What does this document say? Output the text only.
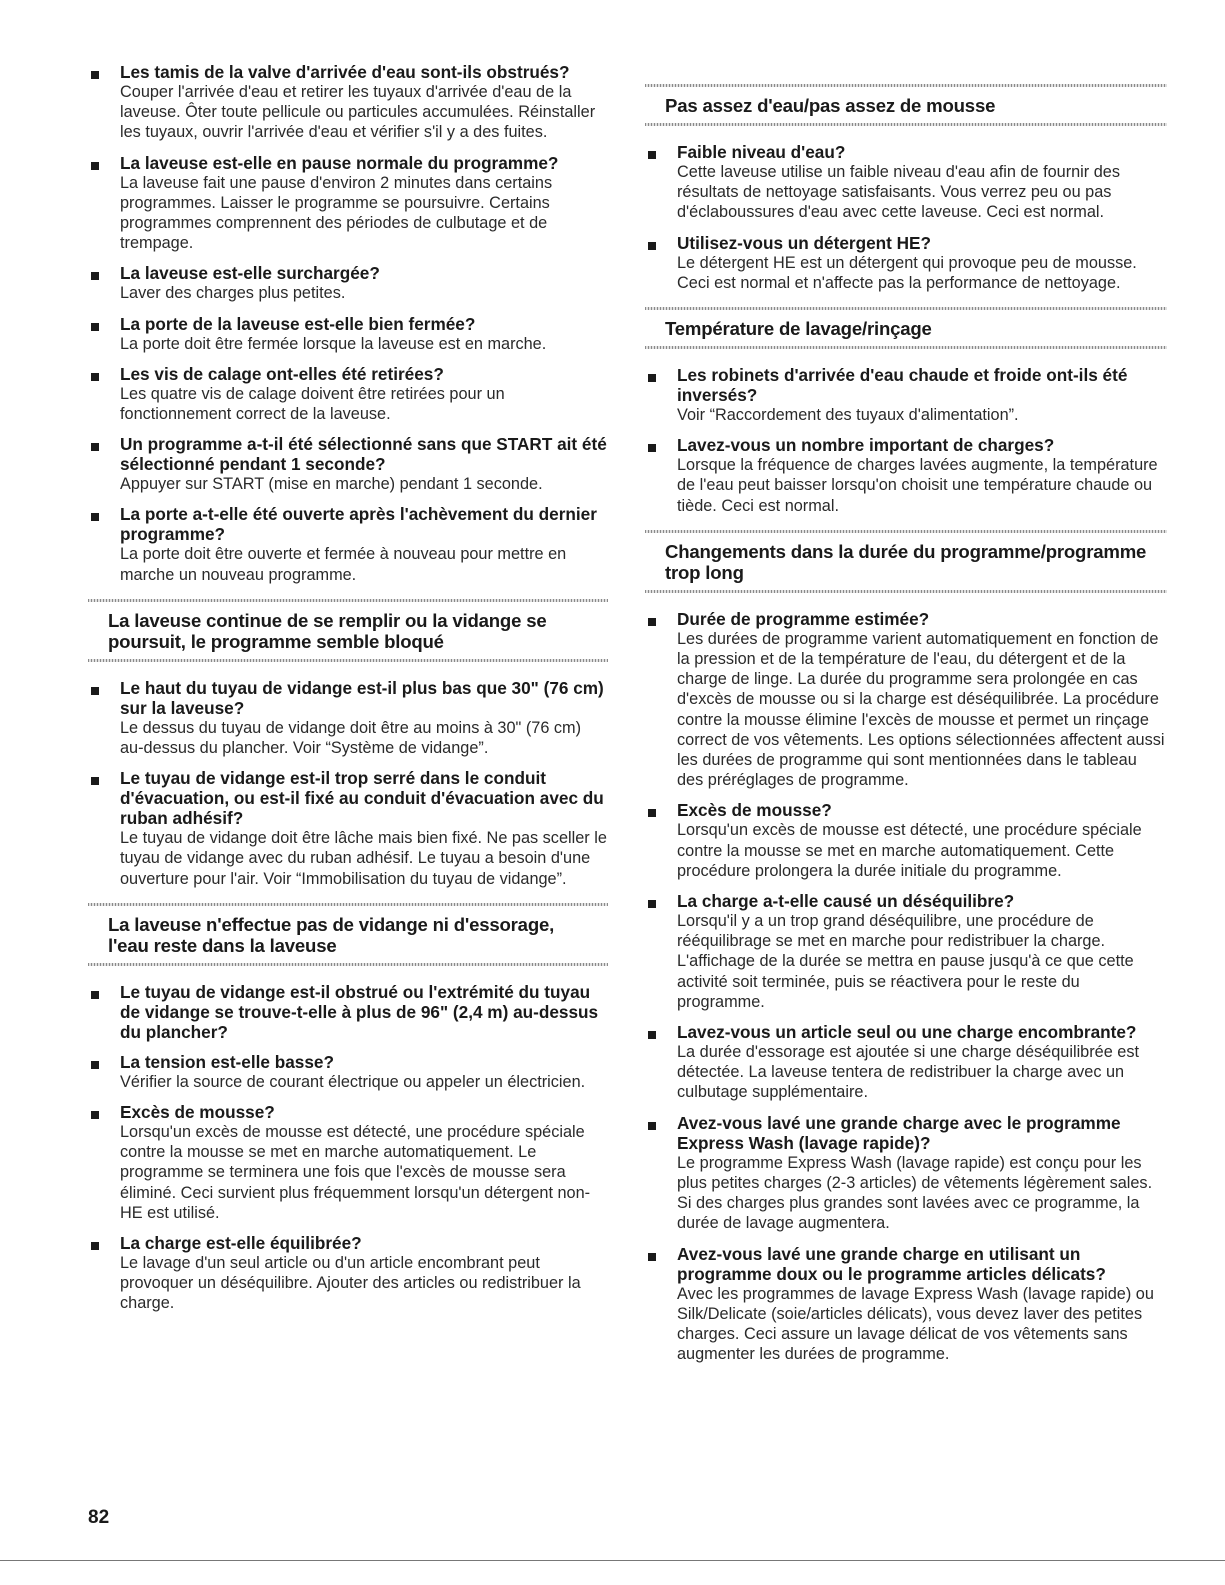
Les tamis de la valve d'arrivée d'eau sont-ils obstrués?
Couper l'arrivée d'eau et retirer les tuyaux d'arrivée d'eau de la laveuse. Ôter toute pellicule ou particules accumulées. Réinstaller les tuyaux, ouvrir l'arrivée d'eau et vérifier s'il y a des fuites.
La laveuse est-elle en pause normale du programme?
La laveuse fait une pause d'environ 2 minutes dans certains programmes. Laisser le programme se poursuivre. Certains programmes comprennent des périodes de culbutage et de trempage.
La laveuse est-elle surchargée?
Laver des charges plus petites.
La porte de la laveuse est-elle bien fermée?
La porte doit être fermée lorsque la laveuse est en marche.
Les vis de calage ont-elles été retirées?
Les quatre vis de calage doivent être retirées pour un fonctionnement correct de la laveuse.
Un programme a-t-il été sélectionné sans que START ait été sélectionné pendant 1 seconde?
Appuyer sur START (mise en marche) pendant 1 seconde.
La porte a-t-elle été ouverte après l'achèvement du dernier programme?
La porte doit être ouverte et fermée à nouveau pour mettre en marche un nouveau programme.
La laveuse continue de se remplir ou la vidange se poursuit, le programme semble bloqué
Le haut du tuyau de vidange est-il plus bas que 30" (76 cm) sur la laveuse?
Le dessus du tuyau de vidange doit être au moins à 30" (76 cm) au-dessus du plancher. Voir “Système de vidange”.
Le tuyau de vidange est-il trop serré dans le conduit d'évacuation, ou est-il fixé au conduit d'évacuation avec du ruban adhésif?
Le tuyau de vidange doit être lâche mais bien fixé. Ne pas sceller le tuyau de vidange avec du ruban adhésif. Le tuyau a besoin d'une ouverture pour l'air. Voir “Immobilisation du tuyau de vidange”.
La laveuse n'effectue pas de vidange ni d'essorage, l'eau reste dans la laveuse
Le tuyau de vidange est-il obstrué ou l'extrémité du tuyau de vidange se trouve-t-elle à plus de 96" (2,4 m) au-dessus du plancher?
La tension est-elle basse?
Vérifier la source de courant électrique ou appeler un électricien.
Excès de mousse?
Lorsqu'un excès de mousse est détecté, une procédure spéciale contre la mousse se met en marche automatiquement. Le programme se terminera une fois que l'excès de mousse sera éliminé. Ceci survient plus fréquemment lorsqu'un détergent non-HE est utilisé.
La charge est-elle équilibrée?
Le lavage d'un seul article ou d'un article encombrant peut provoquer un déséquilibre. Ajouter des articles ou redistribuer la charge.
Pas assez d'eau/pas assez de mousse
Faible niveau d'eau?
Cette laveuse utilise un faible niveau d'eau afin de fournir des résultats de nettoyage satisfaisants. Vous verrez peu ou pas d'éclaboussures d'eau avec cette laveuse. Ceci est normal.
Utilisez-vous un détergent HE?
Le détergent HE est un détergent qui provoque peu de mousse. Ceci est normal et n'affecte pas la performance de nettoyage.
Température de lavage/rinçage
Les robinets d'arrivée d'eau chaude et froide ont-ils été inversés?
Voir “Raccordement des tuyaux d'alimentation”.
Lavez-vous un nombre important de charges?
Lorsque la fréquence de charges lavées augmente, la température de l'eau peut baisser lorsqu'on choisit une température chaude ou tiède. Ceci est normal.
Changements dans la durée du programme/programme trop long
Durée de programme estimée?
Les durées de programme varient automatiquement en fonction de la pression et de la température de l'eau, du détergent et de la charge de linge. La durée du programme sera prolongée en cas d'excès de mousse ou si la charge est déséquilibrée. La procédure contre la mousse élimine l'excès de mousse et permet un rinçage correct de vos vêtements. Les options sélectionnées affectent aussi les durées de programme qui sont mentionnées dans le tableau des préréglages de programme.
Excès de mousse?
Lorsqu'un excès de mousse est détecté, une procédure spéciale contre la mousse se met en marche automatiquement. Cette procédure prolongera la durée initiale du programme.
La charge a-t-elle causé un déséquilibre?
Lorsqu'il y a un trop grand déséquilibre, une procédure de rééquilibrage se met en marche pour redistribuer la charge. L'affichage de la durée se mettra en pause jusqu'à ce que cette activité soit terminée, puis se réactivera pour le reste du programme.
Lavez-vous un article seul ou une charge encombrante?
La durée d'essorage est ajoutée si une charge déséquilibrée est détectée. La laveuse tentera de redistribuer la charge avec un culbutage supplémentaire.
Avez-vous lavé une grande charge avec le programme Express Wash (lavage rapide)?
Le programme Express Wash (lavage rapide) est conçu pour les plus petites charges (2-3 articles) de vêtements légèrement sales. Si des charges plus grandes sont lavées avec ce programme, la durée de lavage augmentera.
Avez-vous lavé une grande charge en utilisant un programme doux ou le programme articles délicats?
Avec les programmes de lavage Express Wash (lavage rapide) ou Silk/Delicate (soie/articles délicats), vous devez laver des petites charges. Ceci assure un lavage délicat de vos vêtements sans augmenter les durées de programme.
82
